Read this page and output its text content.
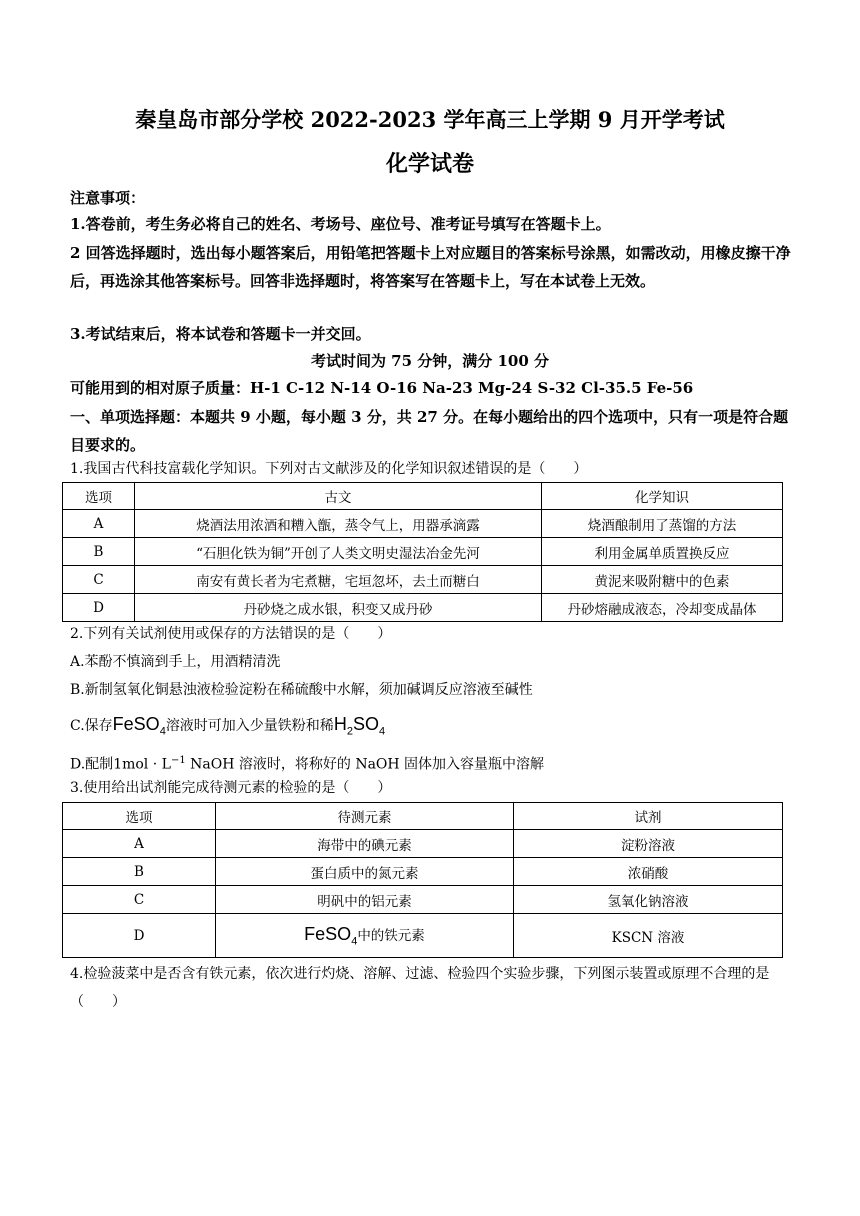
秦皇岛市部分学校 2022-2023 学年高三上学期 9 月开学考试
化学试卷
注意事项：
1.答卷前，考生务必将自己的姓名、考场号、座位号、准考证号填写在答题卡上。
2 回答选择题时，选出每小题答案后，用铅笔把答题卡上对应题目的答案标号涂黑，如需改动，用橡皮擦干净后，再选涂其他答案标号。回答非选择题时，将答案写在答题卡上，写在本试卷上无效。
3.考试结束后，将本试卷和答题卡一并交回。
考试时间为 75 分钟，满分 100 分
可能用到的相对原子质量：H-1 C-12 N-14 O-16 Na-23 Mg-24 S-32 Cl-35.5 Fe-56
一、单项选择题：本题共 9 小题，每小题 3 分，共 27 分。在每小题给出的四个选项中，只有一项是符合题目要求的。
1.我国古代科技富载化学知识。下列对古文献涉及的化学知识叙述错误的是（　　）
选项	古文	化学知识
A	烧酒法用浓酒和糟入甑，蒸令气上，用器承滴露	烧酒酿制用了蒸馏的方法
B	“石胆化铁为铜”开创了人类文明史湿法冶金先河	利用金属单质置换反应
C	南安有黄长者为宅煮糖，宅垣忽坏，去土而糖白	黄泥来吸附糖中的色素
D	丹砂烧之成水银，积变又成丹砂	丹砂熔融成液态，冷却变成晶体
2.下列有关试剂使用或保存的方法错误的是（　　）
A.苯酚不慎滴到手上，用酒精清洗
B.新制氢氧化铜悬浊液检验淀粉在稀硫酸中水解，须加碱调反应溶液至碱性
C.保存FeSO$_4$溶液时可加入少量铁粉和稀$H_2SO_4$
D.配制$1mol \cdot L^{-1}$ NaOH 溶液时，将称好的 NaOH 固体加入容量瓶中溶解
3.使用给出试剂能完成待测元素的检验的是（　　）
选项	待测元素	试剂
A	海带中的碘元素	淀粉溶液
B	蛋白质中的氮元素	浓硝酸
C	明矾中的铝元素	氢氧化钠溶液
D	FeSO$_4$中的铁元素	KSCN 溶液
4.检验菠菜中是否含有铁元素，依次进行灼烧、溶解、过滤、检验四个实验步骤，下列图示装置或原理不合理的是（　　）
